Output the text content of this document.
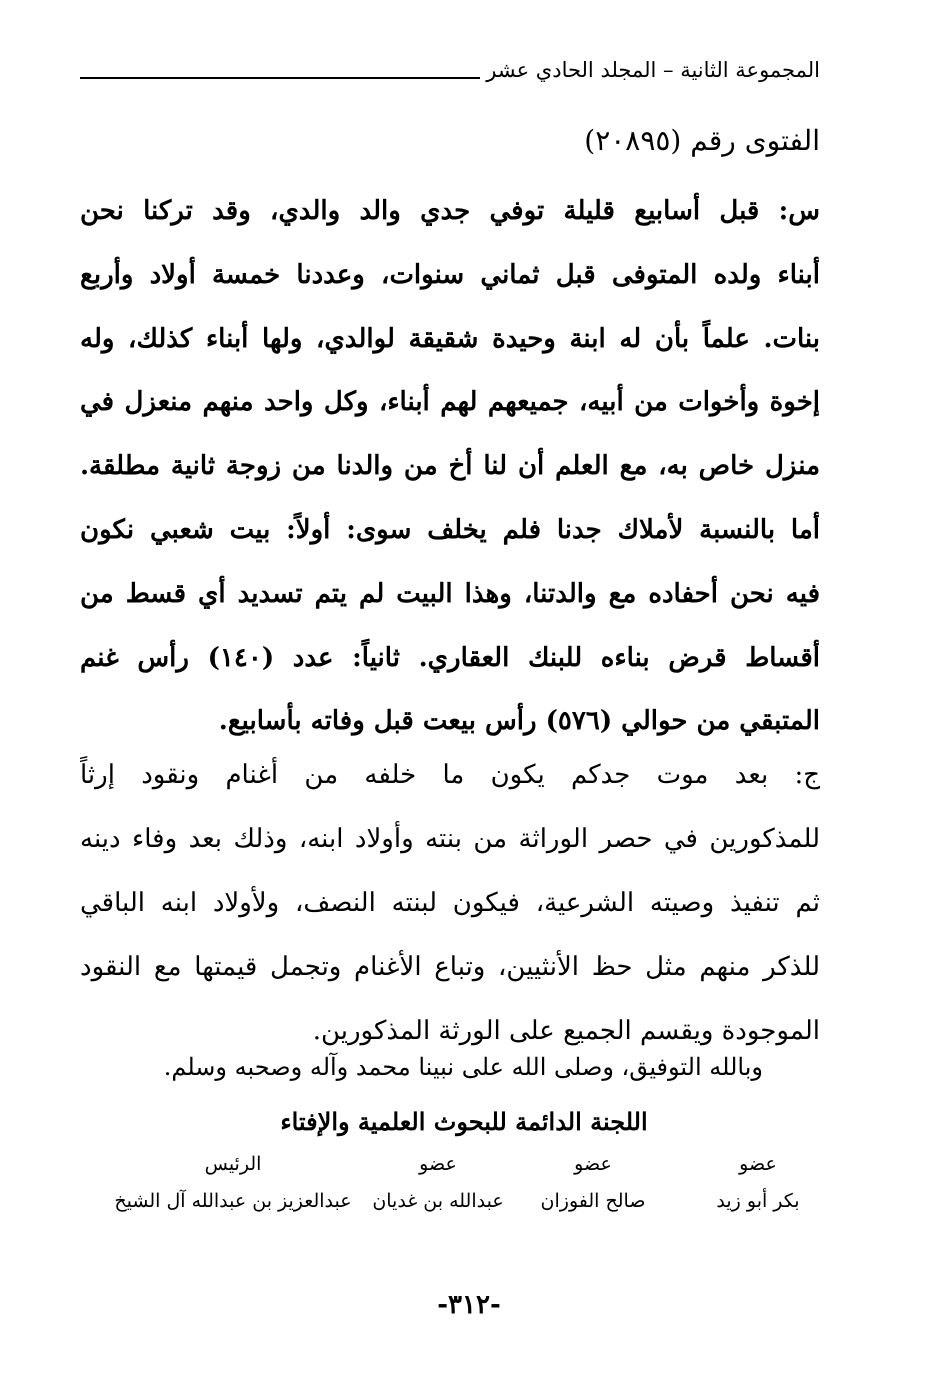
المجموعة الثانية – المجلد الحادي عشر
الفتوى رقم (٢٠٨٩٥)
س: قبل أسابيع قليلة توفي جدي والد والدي، وقد تركنا نحن
أبناء ولده المتوفى قبل ثماني سنوات، وعددنا خمسة أولاد وأربع
بنات. علماً بأن له ابنة وحيدة شقيقة لوالدي، ولها أبناء كذلك، وله
إخوة وأخوات من أبيه، جميعهم لهم أبناء، وكل واحد منهم منعزل في
منزل خاص به، مع العلم أن لنا أخ من والدنا من زوجة ثانية مطلقة.
أما بالنسبة لأملاك جدنا فلم يخلف سوى: أولاً: بيت شعبي نكون
فيه نحن أحفاده مع والدتنا، وهذا البيت لم يتم تسديد أي قسط من
أقساط قرض بناءه للبنك العقاري. ثانياً: عدد (١٤٠) رأس غنم
المتبقي من حوالي (٥٧٦) رأس بيعت قبل وفاته بأسابيع.
ج: بعد موت جدكم يكون ما خلفه من أغنام ونقود إرثاً
للمذكورين في حصر الوراثة من بنته وأولاد ابنه، وذلك بعد وفاء دينه
ثم تنفيذ وصيته الشرعية، فيكون لبنته النصف، ولأولاد ابنه الباقي
للذكر منهم مثل حظ الأنثيين، وتباع الأغنام وتجمل قيمتها مع النقود
الموجودة ويقسم الجميع على الورثة المذكورين.
وبالله التوفيق، وصلى الله على نبينا محمد وآله وصحبه وسلم.
اللجنة الدائمة للبحوث العلمية والإفتاء
عضو
بكر أبو زيد
عضو
صالح الفوزان
عضو
عبدالله بن غديان
الرئيس
عبدالعزيز بن عبدالله آل الشيخ
-٣١٢-
